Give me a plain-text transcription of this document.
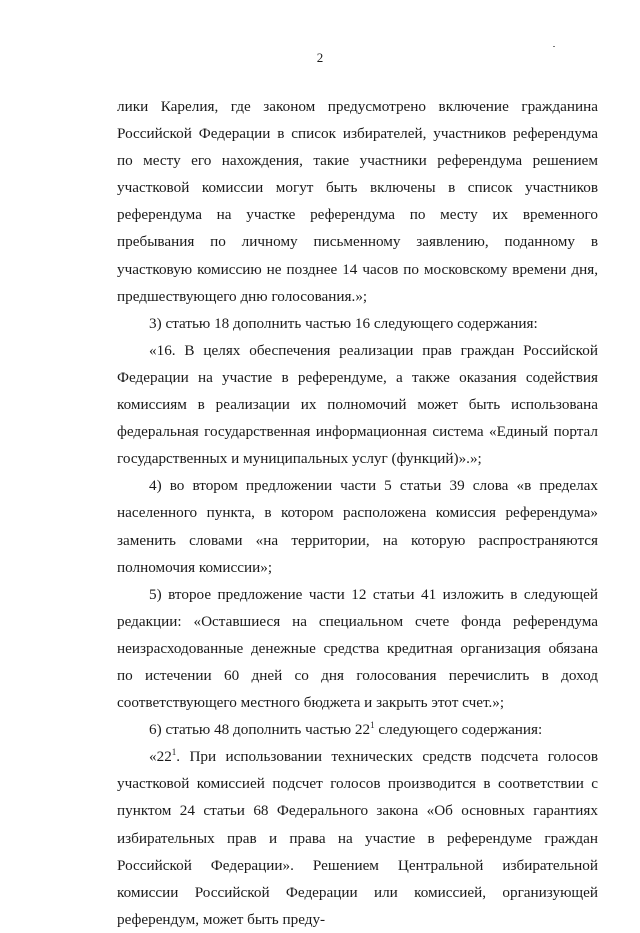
2

лики Карелия, где законом предусмотрено включение гражданина Российской Федерации в список избирателей, участников референдума по месту его нахождения, такие участники референдума решением участковой комиссии могут быть включены в список участников референдума на участке референдума по месту их временного пребывания по личному письменному заявлению, поданному в участковую комиссию не позднее 14 часов по московскому времени дня, предшествующего дню голосования.»;

3) статью 18 дополнить частью 16 следующего содержания:

«16. В целях обеспечения реализации прав граждан Российской Федерации на участие в референдуме, а также оказания содействия комиссиям в реализации их полномочий может быть использована федеральная государственная информационная система «Единый портал государственных и муниципальных услуг (функций)».»;

4) во втором предложении части 5 статьи 39 слова «в пределах населенного пункта, в котором расположена комиссия референдума» заменить словами «на территории, на которую распространяются полномочия комиссии»;

5) второе предложение части 12 статьи 41 изложить в следующей редакции: «Оставшиеся на специальном счете фонда референдума неизрасходованные денежные средства кредитная организация обязана по истечении 60 дней со дня голосования перечислить в доход соответствующего местного бюджета и закрыть этот счет.»;

6) статью 48 дополнить частью $22^1$ следующего содержания:

«$22^1$. При использовании технических средств подсчета голосов участковой комиссией подсчет голосов производится в соответствии с пунктом 24 статьи 68 Федерального закона «Об основных гарантиях избирательных прав и права на участие в референдуме граждан Российской Федерации». Решением Центральной избирательной комиссии Российской Федерации или комиссией, организующей референдум, может быть преду-
